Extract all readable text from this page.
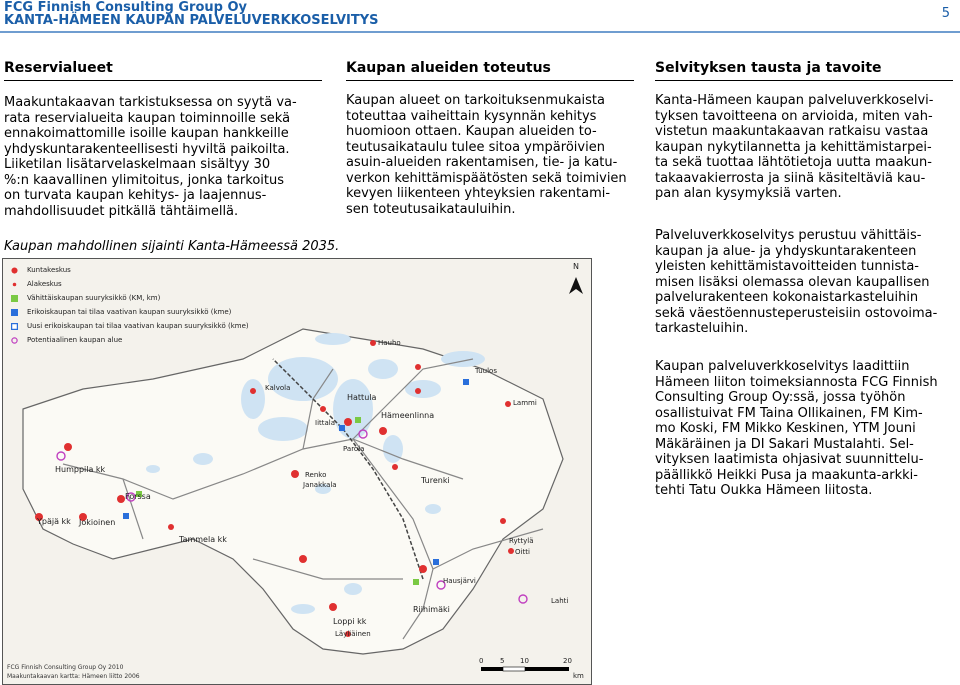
FCG Finnish Consulting Group Oy
KANTA-HÄMEEN KAUPAN PALVELUVERKKOSELVITYS	5
Reservialueet
Maakuntakaavan tarkistuksessa on syytä va-
rata reservialueita kaupan toiminnoille sekä
ennakoimattomille isoille kaupan hankkeille
yhdyskuntarakenteellisesti hyviltä paikoilta.
Liiketilan lisätarvelaskelmaan sisältyy 30
%:n kaavallinen ylimitoitus, jonka tarkoitus
on turvata kaupan kehitys- ja laajennus-
mahdollisuudet pitkällä tähtäimellä.
Kaupan mahdollinen sijainti Kanta-Hämeessä 2035.
Kaupan alueiden toteutus
Kaupan alueet on tarkoituksenmukaista
toteuttaa vaiheittain kysynnän kehitys
huomioon ottaen. Kaupan alueiden to-
teutusaikataulu tulee sitoa ympäröivien
asuin-alueiden rakentamisen, tie- ja katu-
verkon kehittämispäätösten sekä toimivien
kevyen liikenteen yhteyksien rakentami-
sen toteutusaikatauluihin.
Selvityksen tausta ja tavoite
Kanta-Hämeen kaupan palveluverkkoselvi-
tyksen tavoitteena on arvioida, miten vah-
vistetun maakuntakaavan ratkaisu vastaa
kaupan nykytilannetta ja kehittämistarpei-
ta sekä tuottaa lähtötietoja uutta maakun-
takaavakierrosta ja siinä käsiteltäviä kau-
pan alan kysymyksiä varten.
Palveluverkkoselvitys perustuu vähittäis-
kaupan ja alue- ja yhdyskuntarakenteen
yleisten kehittämistavoitteiden tunnista-
misen lisäksi olemassa olevan kaupallisen
palvelurakenteen kokonaistarkasteluihin
sekä väestöennusteperusteisiin ostovoima-
tarkasteluihin.
Kaupan palveluverkkoselvitys laadittiin
Hämeen liiton toimeksiannosta FCG Finnish
Consulting Group Oy:ssä, jossa työhön
osallistuivat FM Taina Ollikainen, FM Kim-
mo Koski, FM Mikko Keskinen, YTM Jouni
Mäkäräinen ja DI Sakari Mustalahti. Sel-
vityksen laatimista ohjasivat suunnittelu-
päällikkö Heikki Pusa ja maakunta-arkki-
tehti Tatu Oukka Hämeen liitosta.
Kuntakeskus
Alakeskus
Vähittäiskaupan suuryksikkö (KM, km)
Erikoiskaupan tai tilaa vaativan kaupan suuryksikkö (kme)
Uusi erikoiskaupan tai tilaa vaativan kaupan suuryksikkö (kme)
Potentiaalinen kaupan alue
N
Hattula
Hämeenlinna
Turenki
Humppila kk
Forssa
Ypäjä kk Jokioinen
Tammela kk
Riihimäki
Loppi kk
Janakkala
Lammi
Tuulos
Hauho
Kalvola
Renko
Oitti
Ryttylä
Lahti
Hausjärvi
Läyliäinen
Iittala
Parola
0 5 10	20
km
FCG Finnish Consulting Group Oy 2010
Maakuntakaavan kartta: Hämeen liitto 2006
